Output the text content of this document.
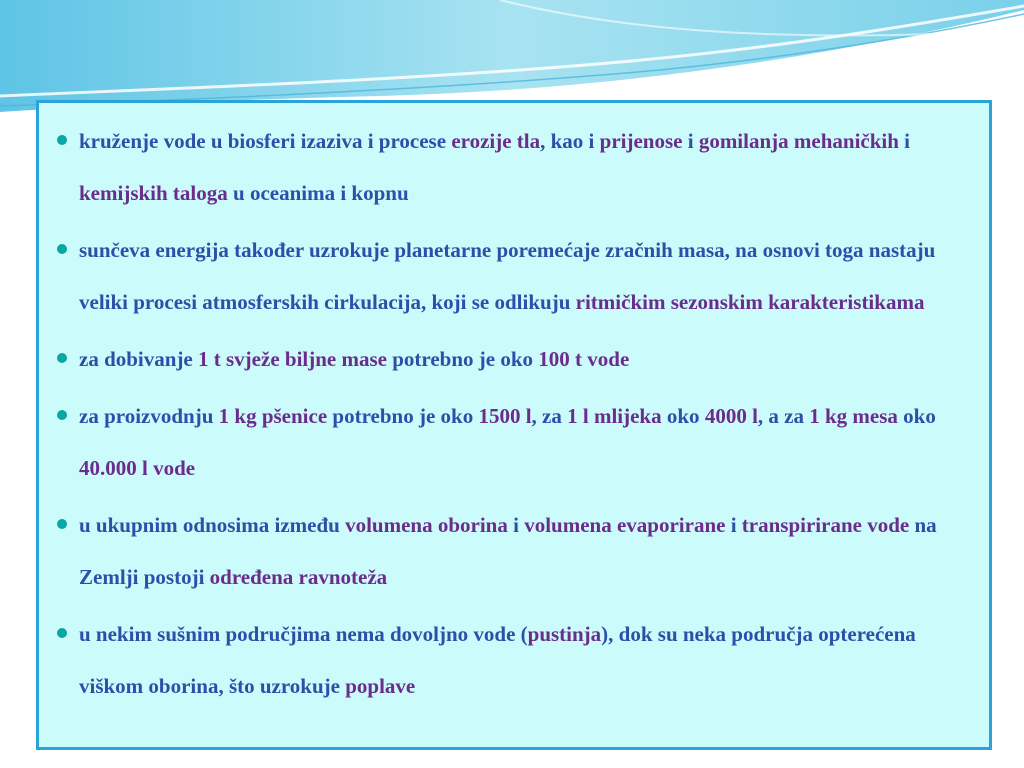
kruženje vode u biosferi izaziva i procese erozije tla, kao i prijenose i gomilanja mehaničkih i kemijskih taloga u oceanima i kopnu
sunčeva energija također uzrokuje planetarne poremećaje zračnih masa, na osnovi toga nastaju veliki procesi atmosferskih cirkulacija, koji se odlikuju ritmičkim sezonskim karakteristikama
za dobivanje 1 t svježe biljne mase potrebno je oko 100 t vode
za proizvodnju 1 kg pšenice potrebno je oko 1500 l, za 1 l mlijeka oko 4000 l, a za 1 kg mesa oko 40.000 l vode
u ukupnim odnosima između volumena oborina i volumena evaporirane i transpirirane vode na Zemlji postoji određena ravnoteža
u nekim sušnim područjima nema dovoljno vode (pustinja), dok su neka područja opterećena viškom oborina, što uzrokuje poplave
